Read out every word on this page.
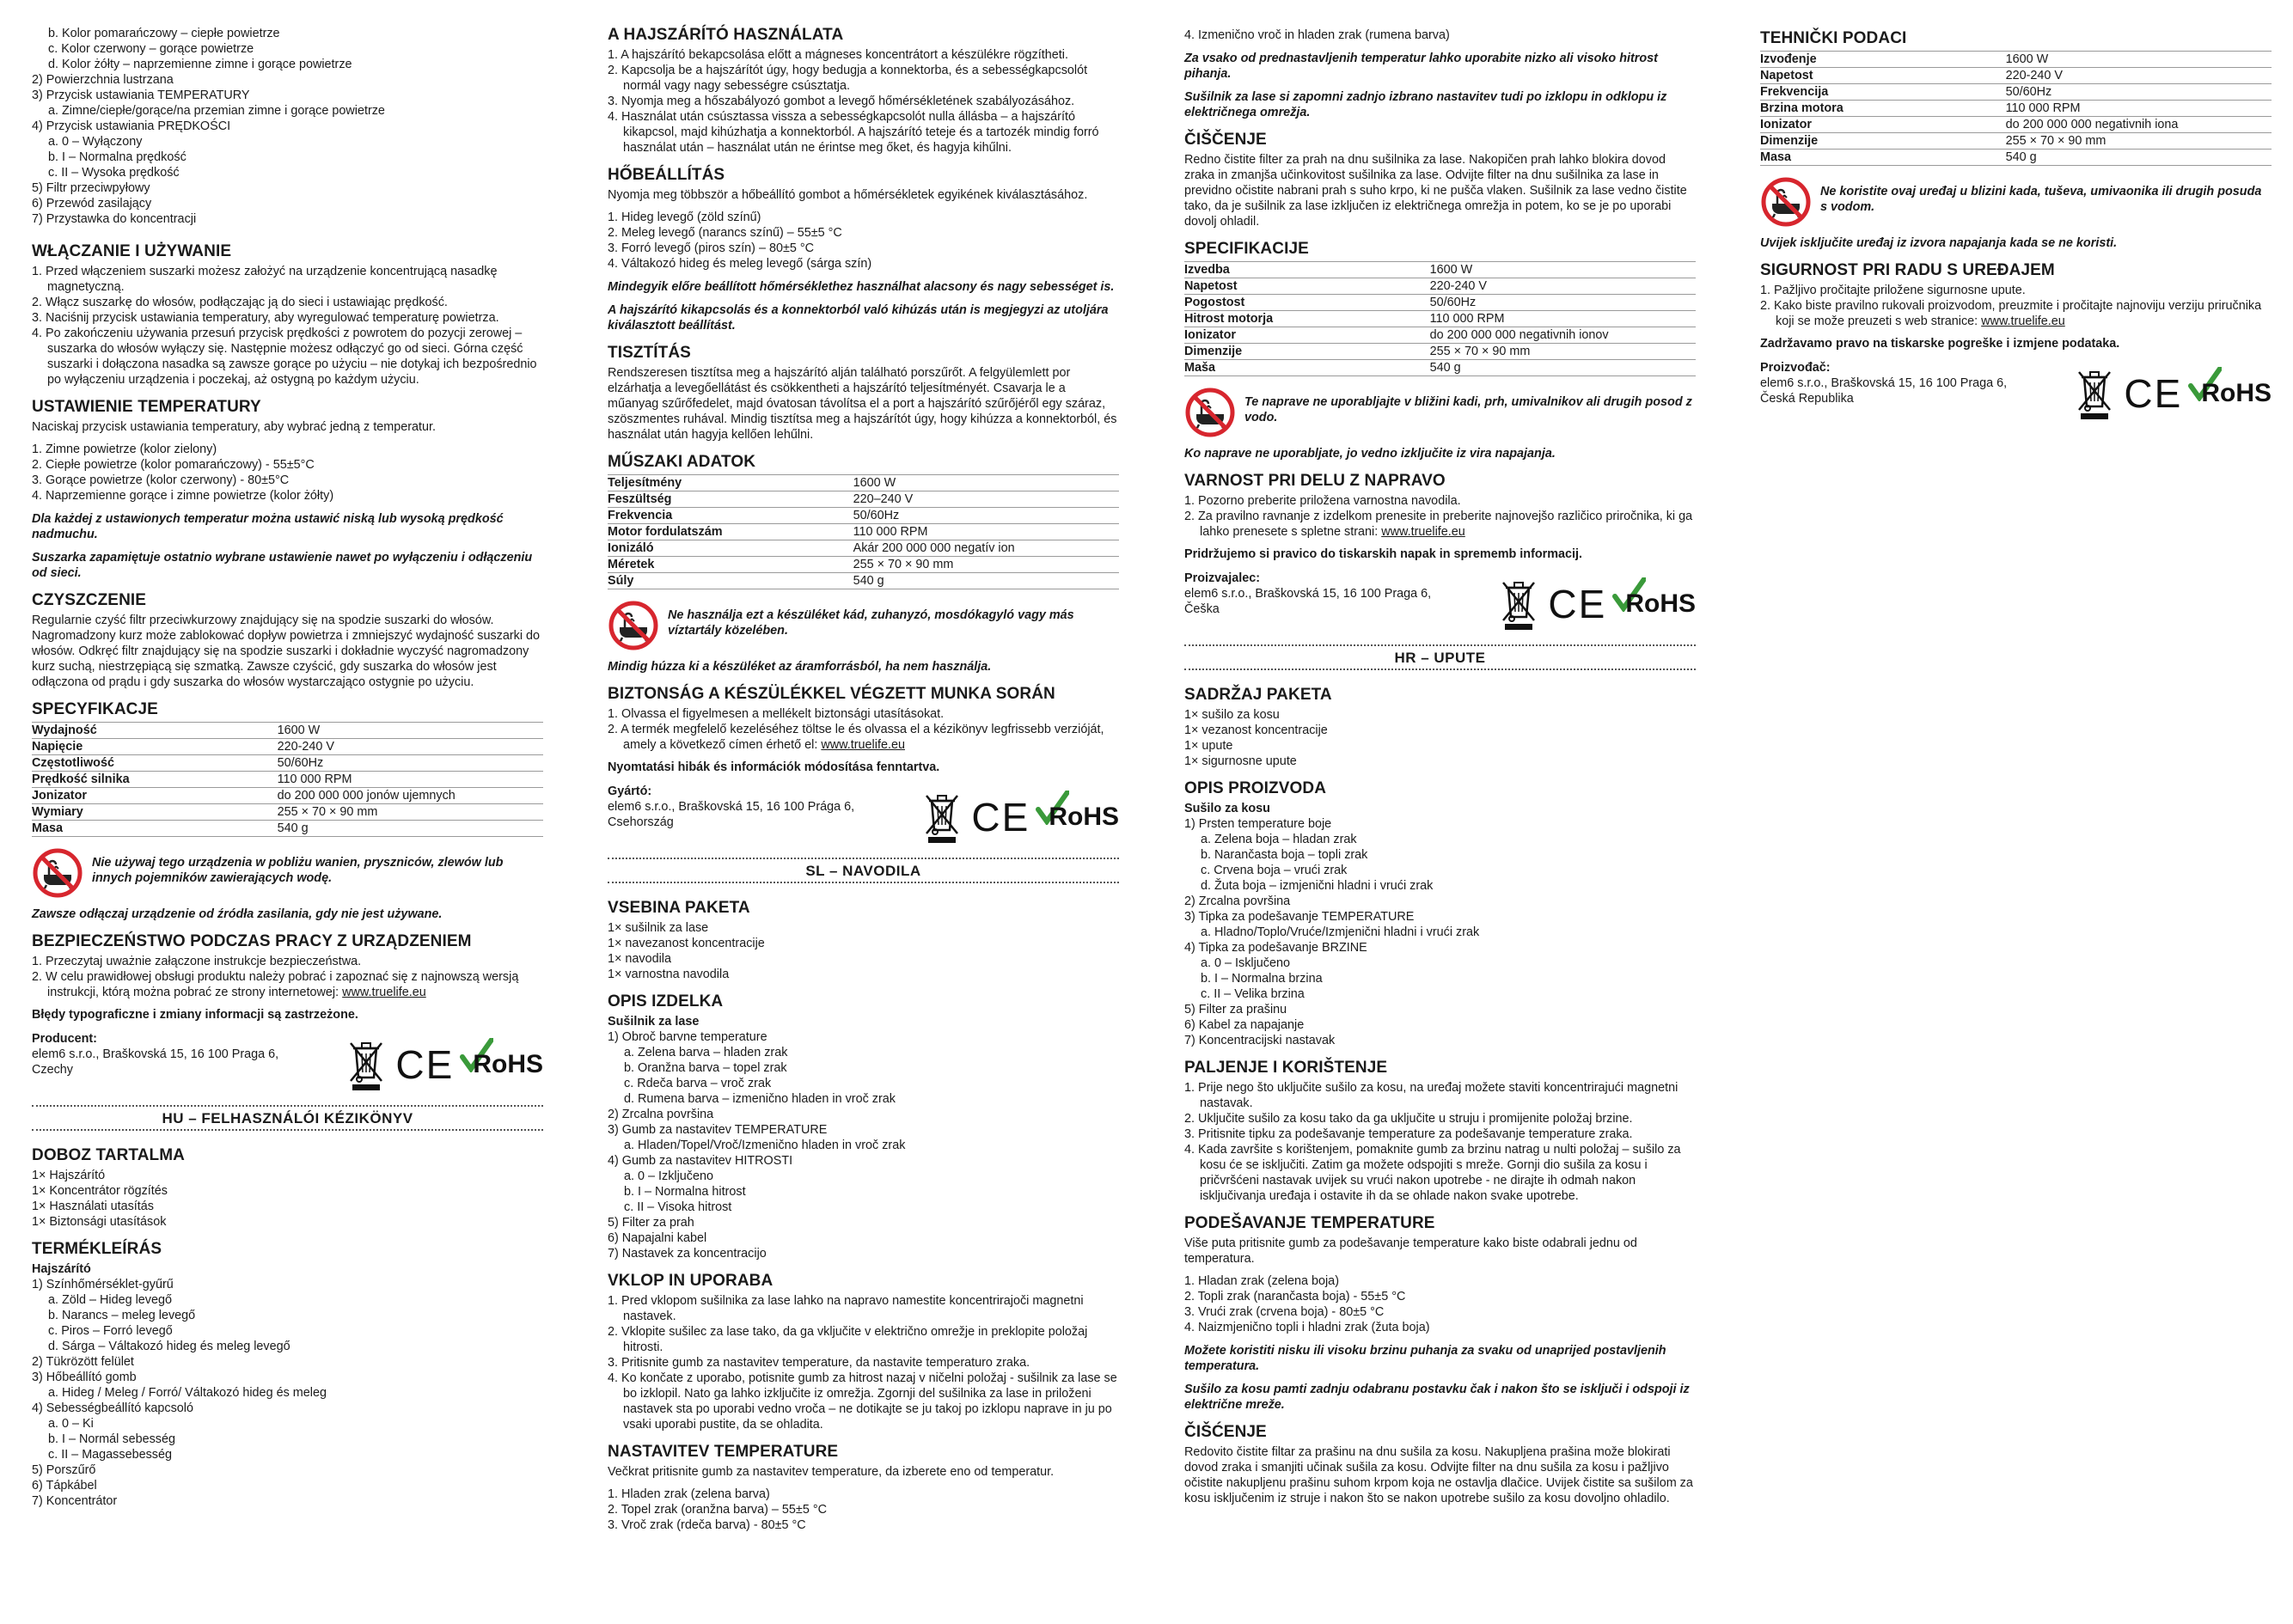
b. Kolor pomarańczowy – ciepłe powietrze
c. Kolor czerwony – gorące powietrze
d. Kolor żółty – naprzemienne zimne i gorące powietrze
2) Powierzchnia lustrzana
3) Przycisk ustawiania TEMPERATURY
a. Zimne/ciepłe/gorące/na przemian zimne i gorące powietrze
4) Przycisk ustawiania PRĘDKOŚCI
a. 0 – Wyłączony
b. I – Normalna prędkość
c. II – Wysoka prędkość
5) Filtr przeciwpyłowy
6) Przewód zasilający
7) Przystawka do koncentracji
WŁĄCZANIE I UŻYWANIE
1. Przed włączeniem suszarki możesz założyć na urządzenie koncentrującą nasadkę magnetyczną.
2. Włącz suszarkę do włosów, podłączając ją do sieci i ustawiając prędkość.
3. Naciśnij przycisk ustawiania temperatury, aby wyregulować temperaturę powietrza.
4. Po zakończeniu używania przesuń przycisk prędkości z powrotem do pozycji zerowej – suszarka do włosów wyłączy się. Następnie możesz odłączyć go od sieci. Górna część suszarki i dołączona nasadka są zawsze gorące po użyciu – nie dotykaj ich bezpośrednio po wyłączeniu urządzenia i poczekaj, aż ostygną po każdym użyciu.
USTAWIENIE TEMPERATURY

Naciskaj przycisk ustawiania temperatury, aby wybrać jedną z temperatur.

1. Zimne powietrze (kolor zielony)
2. Ciepłe powietrze (kolor pomarańczowy) - 55±5°C
3. Gorące powietrze (kolor czerwony) - 80±5°C
4. Naprzemienne gorące i zimne powietrze (kolor żółty)

Dla każdej z ustawionych temperatur można ustawić niską lub wysoką prędkość nadmuchu.

Suszarka zapamiętuje ostatnio wybrane ustawienie nawet po wyłączeniu i odłączeniu od sieci.

CZYSZCZENIE

Regularnie czyść filtr przeciwkurzowy znajdujący się na spodzie suszarki do włosów. Nagromadzony kurz może zablokować dopływ powietrza i zmniejszyć wydajność suszarki do włosów. Odkręć filtr znajdujący się na spodzie suszarki i dokładnie wyczyść nagromadzony kurz suchą, niestrzępiącą się szmatką. Zawsze czyścić, gdy suszarka do włosów jest odłączona od prądu i gdy suszarka do włosów wystarczająco ostygnie po użyciu.

SPECYFIKACJE
Wydajność	1600 W
Napięcie	220-240 V
Częstotliwość	50/60Hz
Prędkość silnika	110 000 RPM
Jonizator	do 200 000 000 jonów ujemnych
Wymiary	255 × 70 × 90 mm
Masa	540 g
Nie używaj tego urządzenia w pobliżu wanien, pryszniców, zlewów lub innych pojemników zawierających wodę.

Zawsze odłączaj urządzenie od źródła zasilania, gdy nie jest używane.

BEZPIECZEŃSTWO PODCZAS PRACY Z URZĄDZENIEM

1. Przeczytaj uważnie załączone instrukcje bezpieczeństwa.

2. W celu prawidłowej obsługi produktu należy pobrać i zapoznać się z najnowszą wersją instrukcji, którą można pobrać ze strony internetowej: www.truelife.eu

Błędy typograficzne i zmiany informacji są zastrzeżone.

Producent:
elem6 s.r.o., Braškovská 15, 16 100 Praga 6,
Czechy	CE RoHS
HU – FELHASZNÁLÓI KÉZIKÖNYV
DOBOZ TARTALMA
1× Hajszárító
1× Koncentrátor rögzítés
1× Használati utasítás
1× Biztonsági utasítások
TERMÉKLEÍRÁS
Hajszárító
1) Színhőmérséklet-gyűrű
a. Zöld – Hideg levegő
b. Narancs – meleg levegő
c. Piros – Forró levegő
d. Sárga – Váltakozó hideg és meleg levegő
2) Tükrözött felület
3) Hőbeállító gomb
a. Hideg / Meleg / Forró/ Váltakozó hideg és meleg
4) Sebességbeállító kapcsoló
a. 0 – Ki
b. I – Normál sebesség
c. II – Magassebesség
5) Porszűrő
6) Tápkábel
7) Koncentrátor
A HAJSZÁRÍTÓ HASZNÁLATA
1. A hajszárító bekapcsolása előtt a mágneses koncentrátort a készülékre rögzítheti.
2. Kapcsolja be a hajszárítót úgy, hogy bedugja a konnektorba, és a sebességkapcsolót normál vagy nagy sebességre csúsztatja.
3. Nyomja meg a hőszabályozó gombot a levegő hőmérsékletének szabályozásához.
4. Használat után csúsztassa vissza a sebességkapcsolót nulla állásba – a hajszárító kikapcsol, majd kihúzhatja a konnektorból. A hajszárító teteje és a tartozék mindig forró használat után – használat után ne érintse meg őket, és hagyja kihűlni.
HŐBEÁLLÍTÁS

Nyomja meg többször a hőbeállító gombot a hőmérsékletek egyikének kiválasztásához.

1. Hideg levegő (zöld színű)
2. Meleg levegő (narancs színű) – 55±5 °C
3. Forró levegő (piros szín) – 80±5 °C
4. Váltakozó hideg és meleg levegő (sárga szín)

Mindegyik előre beállított hőmérséklethez használhat alacsony és nagy sebességet is.

A hajszárító kikapcsolás és a konnektorból való kihúzás után is megjegyzi az utoljára kiválasztott beállítást.

TISZTÍTÁS

Rendszeresen tisztítsa meg a hajszárító alján található porszűrőt. A felgyülemlett por elzárhatja a levegőellátást és csökkentheti a hajszárító teljesítményét. Csavarja le a műanyag szűrőfedelet, majd óvatosan távolítsa el a port a hajszárító szűrőjéről egy száraz, szöszmentes ruhával. Mindig tisztítsa meg a hajszárítót úgy, hogy kihúzza a konnektorból, és használat után hagyja kellően lehűlni.

MŰSZAKI ADATOK
Teljesítmény	1600 W
Feszültség	220–240 V
Frekvencia	50/60Hz
Motor fordulatszám	110 000 RPM
Ionizáló	Akár 200 000 000 negatív ion
Méretek	255 × 70 × 90 mm
Súly	540 g
Ne használja ezt a készüléket kád, zuhanyzó, mosdókagyló vagy más víztartály közelében.

Mindig húzza ki a készüléket az áramforrásból, ha nem használja.

BIZTONSÁG A KÉSZÜLÉKKEL VÉGZETT MUNKA SORÁN

1. Olvassa el figyelmesen a mellékelt biztonsági utasításokat.

2. A termék megfelelő kezeléséhez töltse le és olvassa el a kézikönyv legfrissebb verzióját, amely a következő címen érhető el: www.truelife.eu

Nyomtatási hibák és információk módosítása fenntartva.

Gyártó:
elem6 s.r.o., Braškovská 15, 16 100 Prága 6,
Csehország	CE RoHS
SL – NAVODILA
VSEBINA PAKETA
1× sušilnik za lase
1× navezanost koncentracije
1× navodila
1× varnostna navodila
OPIS IZDELKA
Sušilnik za lase
1) Obroč barvne temperature
a. Zelena barva – hladen zrak
b. Oranžna barva – topel zrak
c. Rdeča barva – vroč zrak
d. Rumena barva – izmenično hladen in vroč zrak
2) Zrcalna površina
3) Gumb za nastavitev TEMPERATURE
a. Hladen/Topel/Vroč/Izmenično hladen in vroč zrak
4) Gumb za nastavitev HITROSTI
a. 0 – Izključeno
b. I – Normalna hitrost
c. II – Visoka hitrost
5) Filter za prah
6) Napajalni kabel
7) Nastavek za koncentracijo
VKLOP IN UPORABA
1. Pred vklopom sušilnika za lase lahko na napravo namestite koncentrirajoči magnetni nastavek.
2. Vklopite sušilec za lase tako, da ga vključite v električno omrežje in preklopite položaj hitrosti.
3. Pritisnite gumb za nastavitev temperature, da nastavite temperaturo zraka.
4. Ko končate z uporabo, potisnite gumb za hitrost nazaj v ničelni položaj - sušilnik za lase se bo izklopil. Nato ga lahko izključite iz omrežja. Zgornji del sušilnika za lase in priloženi nastavek sta po uporabi vedno vroča – ne dotikajte se ju takoj po izklopu naprave in ju po vsaki uporabi pustite, da se ohladita.
NASTAVITEV TEMPERATURE

Večkrat pritisnite gumb za nastavitev temperature, da izberete eno od temperatur.

1. Hladen zrak (zelena barva)
2. Topel zrak (oranžna barva) – 55±5 °C
3. Vroč zrak (rdeča barva) - 80±5 °C
4. Izmenično vroč in hladen zrak (rumena barva)

Za vsako od prednastavljenih temperatur lahko uporabite nizko ali visoko hitrost pihanja.

Sušilnik za lase si zapomni zadnjo izbrano nastavitev tudi po izklopu in odklopu iz električnega omrežja.

ČIŠČENJE

Redno čistite filter za prah na dnu sušilnika za lase. Nakopičen prah lahko blokira dovod zraka in zmanjša učinkovitost sušilnika za lase. Odvijte filter na dnu sušilnika za lase in previdno očistite nabrani prah s suho krpo, ki ne pušča vlaken. Sušilnik za lase vedno čistite tako, da je sušilnik za lase izključen iz električnega omrežja in potem, ko se je po uporabi dovolj ohladil.

SPECIFIKACIJE
Izvedba	1600 W
Napetost	220-240 V
Pogostost	50/60Hz
Hitrost motorja	110 000 RPM
Ionizator	do 200 000 000 negativnih ionov
Dimenzije	255 × 70 × 90 mm
Maša	540 g
Te naprave ne uporabljajte v bližini kadi, prh, umivalnikov ali drugih posod z vodo.

Ko naprave ne uporabljate, jo vedno izključite iz vira napajanja.

VARNOST PRI DELU Z NAPRAVO

1. Pozorno preberite priložena varnostna navodila.

2. Za pravilno ravnanje z izdelkom prenesite in preberite najnovejšo različico priročnika, ki ga lahko prenesete s spletne strani: www.truelife.eu

Pridržujemo si pravico do tiskarskih napak in sprememb informacij.

Proizvajalec:
elem6 s.r.o., Braškovská 15, 16 100 Praga 6,
Češka	CE RoHS
HR – UPUTE
SADRŽAJ PAKETA
1× sušilo za kosu
1× vezanost koncentracije
1× upute
1× sigurnosne upute
OPIS PROIZVODA
Sušilo za kosu
1) Prsten temperature boje
a. Zelena boja – hladan zrak
b. Narančasta boja – topli zrak
c. Crvena boja – vrući zrak
d. Žuta boja – izmjenični hladni i vrući zrak
2) Zrcalna površina
3) Tipka za podešavanje TEMPERATURE
a. Hladno/Toplo/Vruće/Izmjenični hladni i vrući zrak
4) Tipka za podešavanje BRZINE
a. 0 – Isključeno
b. I – Normalna brzina
c. II – Velika brzina
5) Filter za prašinu
6) Kabel za napajanje
7) Koncentracijski nastavak
PALJENJE I KORIŠTENJE
1. Prije nego što uključite sušilo za kosu, na uređaj možete staviti koncentrirajući magnetni nastavak.
2. Uključite sušilo za kosu tako da ga uključite u struju i promijenite položaj brzine.
3. Pritisnite tipku za podešavanje temperature za podešavanje temperature zraka.
4. Kada završite s korištenjem, pomaknite gumb za brzinu natrag u nulti položaj – sušilo za kosu će se isključiti. Zatim ga možete odspojiti s mreže. Gornji dio sušila za kosu i pričvršćeni nastavak uvijek su vrući nakon upotrebe - ne dirajte ih odmah nakon isključivanja uređaja i ostavite ih da se ohlade nakon svake upotrebe.
PODEŠAVANJE TEMPERATURE

Više puta pritisnite gumb za podešavanje temperature kako biste odabrali jednu od temperatura.

1. Hladan zrak (zelena boja)
2. Topli zrak (narančasta boja) - 55±5 °C
3. Vrući zrak (crvena boja) - 80±5 °C
4. Naizmjenično topli i hladni zrak (žuta boja)

Možete koristiti nisku ili visoku brzinu puhanja za svaku od unaprijed postavljenih temperatura.

Sušilo za kosu pamti zadnju odabranu postavku čak i nakon što se isključi i odspoji iz električne mreže.

ČIŠĆENJE

Redovito čistite filtar za prašinu na dnu sušila za kosu. Nakupljena prašina može blokirati dovod zraka i smanjiti učinak sušila za kosu. Odvijte filter na dnu sušila za kosu i pažljivo očistite nakupljenu prašinu suhom krpom koja ne ostavlja dlačice. Uvijek čistite sa sušilom za kosu isključenim iz struje i nakon što se nakon upotrebe sušilo za kosu dovoljno ohladilo.

TEHNIČKI PODACI
Izvođenje	1600 W
Napetost	220-240 V
Frekvencija	50/60Hz
Brzina motora	110 000 RPM
Ionizator	do 200 000 000 negativnih iona
Dimenzije	255 × 70 × 90 mm
Masa	540 g
Ne koristite ovaj uređaj u blizini kada, tuševa, umivaonika ili drugih posuda s vodom.

Uvijek isključite uređaj iz izvora napajanja kada se ne koristi.

SIGURNOST PRI RADU S UREĐAJEM

1. Pažljivo pročitajte priložene sigurnosne upute.

2. Kako biste pravilno rukovali proizvodom, preuzmite i pročitajte najnoviju verziju priručnika koji se može preuzeti s web stranice: www.truelife.eu

Zadržavamo pravo na tiskarske pogreške i izmjene podataka.

Proizvođač:
elem6 s.r.o., Braškovská 15, 16 100 Praga 6,
Česká Republika	CE RoHS
